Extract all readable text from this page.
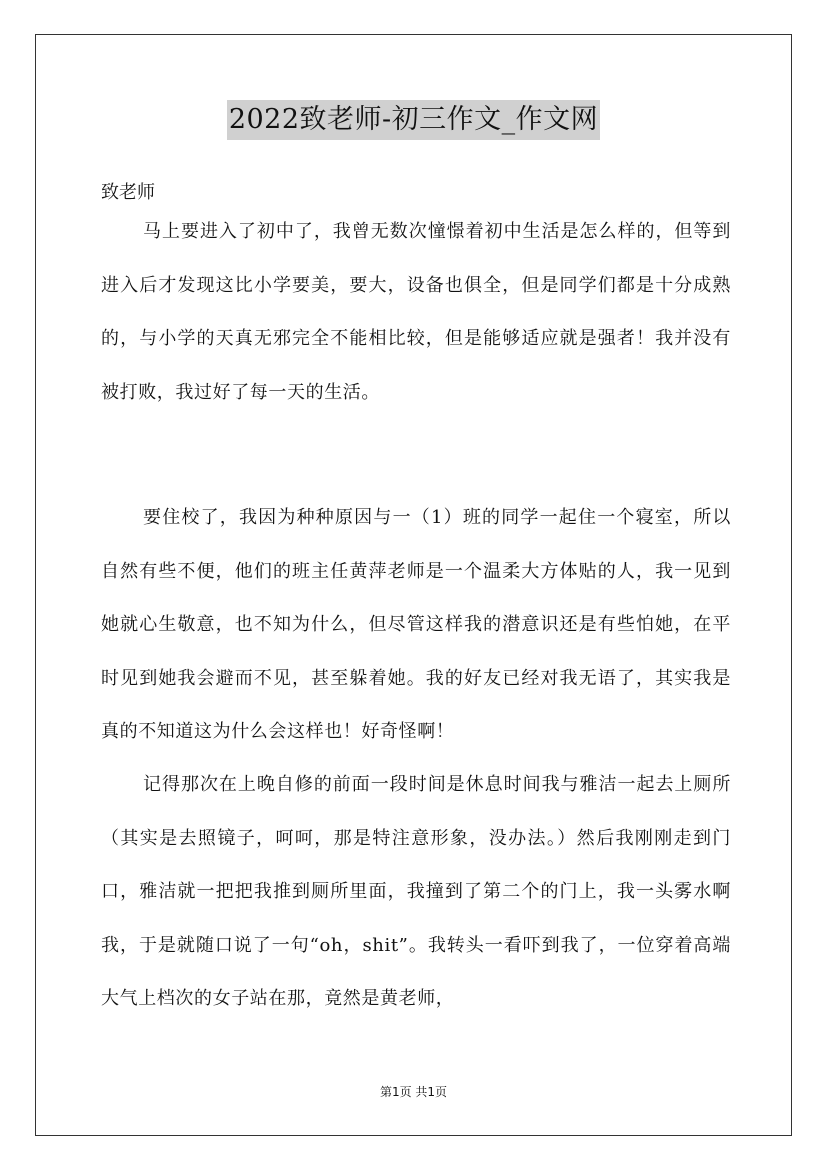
2022致老师-初三作文_作文网
致老师

马上要进入了初中了，我曾无数次憧憬着初中生活是怎么样的，但等到进入后才发现这比小学要美，要大，设备也俱全，但是同学们都是十分成熟的，与小学的天真无邪完全不能相比较，但是能够适应就是强者！我并没有被打败，我过好了每一天的生活。

要住校了，我因为种种原因与一（1）班的同学一起住一个寝室，所以自然有些不便，他们的班主任黄萍老师是一个温柔大方体贴的人，我一见到她就心生敬意，也不知为什么，但尽管这样我的潜意识还是有些怕她，在平时见到她我会避而不见，甚至躲着她。我的好友已经对我无语了，其实我是真的不知道这为什么会这样也！好奇怪啊！

记得那次在上晚自修的前面一段时间是休息时间我与雅洁一起去上厕所（其实是去照镜子，呵呵，那是特注意形象，没办法。）然后我刚刚走到门口，雅洁就一把把我推到厕所里面，我撞到了第二个的门上，我一头雾水啊我，于是就随口说了一句“oh，shit”。我转头一看吓到我了，一位穿着高端大气上档次的女子站在那，竟然是黄老师，

第1页 共1页
